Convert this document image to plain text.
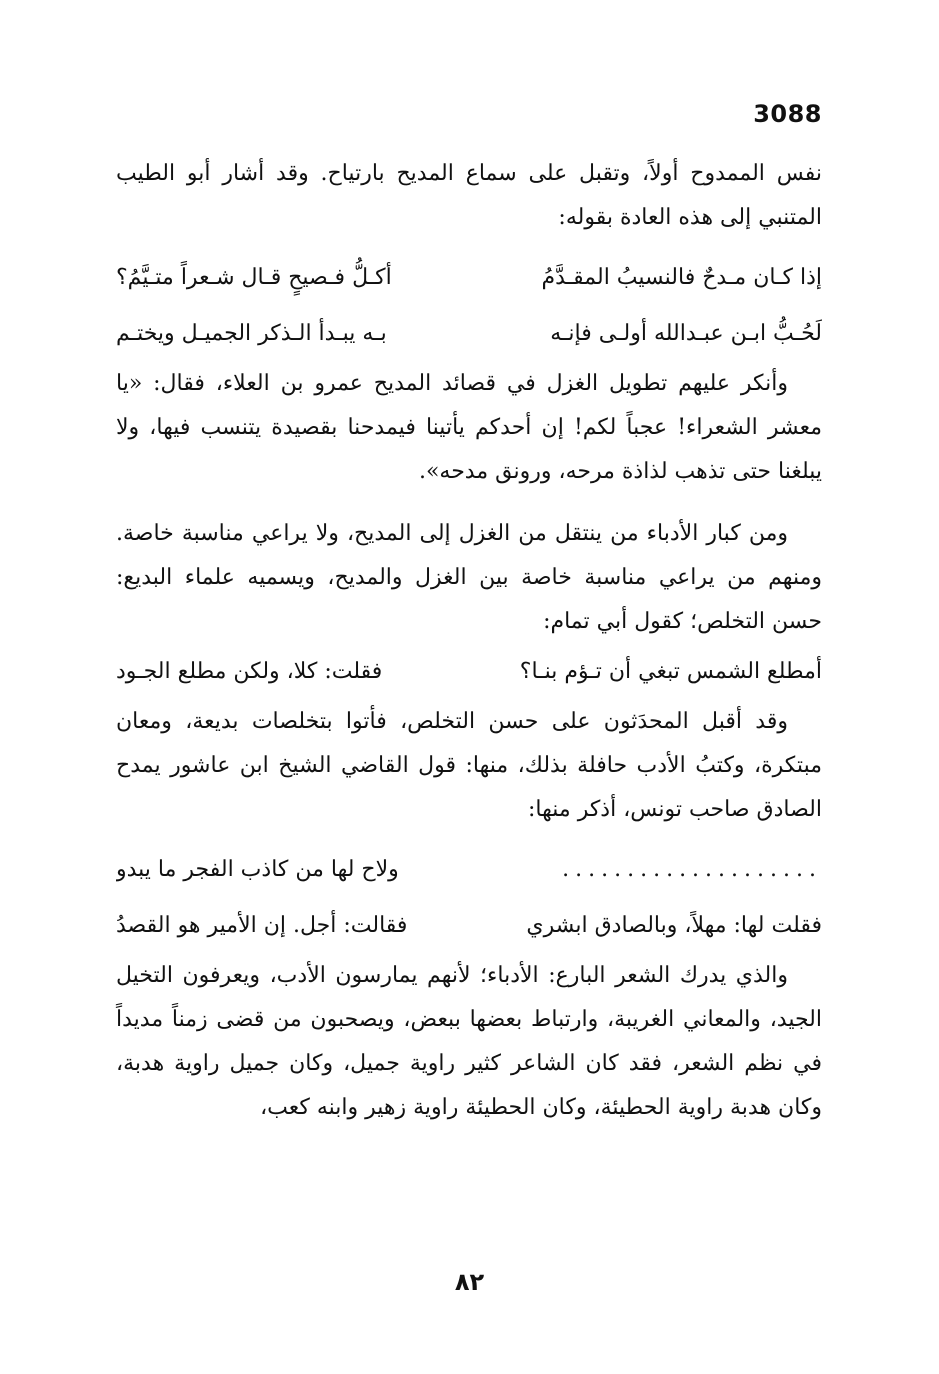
3088

نفس الممدوح أولاً، وتقبل على سماع المديح بارتياح. وقد أشار أبو الطيب المتنبي إلى هذه العادة بقوله:

إذا كـان مـدحٌ فالنسيبُ المقـدَّمُ
أكـلُّ فـصيحٍ قـال شـعراً متـيَّمُ؟
لَحُـبُّ ابـن عبـدالله أولـى فإنـه
بـه يبـدأ الـذكر الجميـل ويختـم

وأنكر عليهم تطويل الغزل في قصائد المديح عمرو بن العلاء، فقال: «يا معشر الشعراء! عجباً لكم! إن أحدكم يأتينا فيمدحنا بقصيدة يتنسب فيها، ولا يبلغنا حتى تذهب لذاذة مرحه، ورونق مدحه».

ومن كبار الأدباء من ينتقل من الغزل إلى المديح، ولا يراعي مناسبة خاصة. ومنهم من يراعي مناسبة خاصة بين الغزل والمديح، ويسميه علماء البديع: حسن التخلص؛ كقول أبي تمام:

أمطلع الشمس تبغي أن تـؤم بنـا؟
فقلت: كلا، ولكن مطلع الجـود

وقد أقبل المحدَثون على حسن التخلص، فأتوا بتخلصات بديعة، ومعان مبتكرة، وكتبُ الأدب حافلة بذلك، منها: قول القاضي الشيخ ابن عاشور يمدح الصادق صاحب تونس، أذكر منها:

....................
ولاح لها من كاذب الفجر ما يبدو
فقلت لها: مهلاً، وبالصادق ابشري
فقالت: أجل. إن الأمير هو القصدُ

والذي يدرك الشعر البارع: الأدباء؛ لأنهم يمارسون الأدب، ويعرفون التخيل الجيد، والمعاني الغريبة، وارتباط بعضها ببعض، ويصحبون من قضى زمناً مديداً في نظم الشعر، فقد كان الشاعر كثير راوية جميل، وكان جميل راوية هدبة، وكان هدبة راوية الحطيئة، وكان الحطيئة راوية زهير وابنه كعب،

٨٢
